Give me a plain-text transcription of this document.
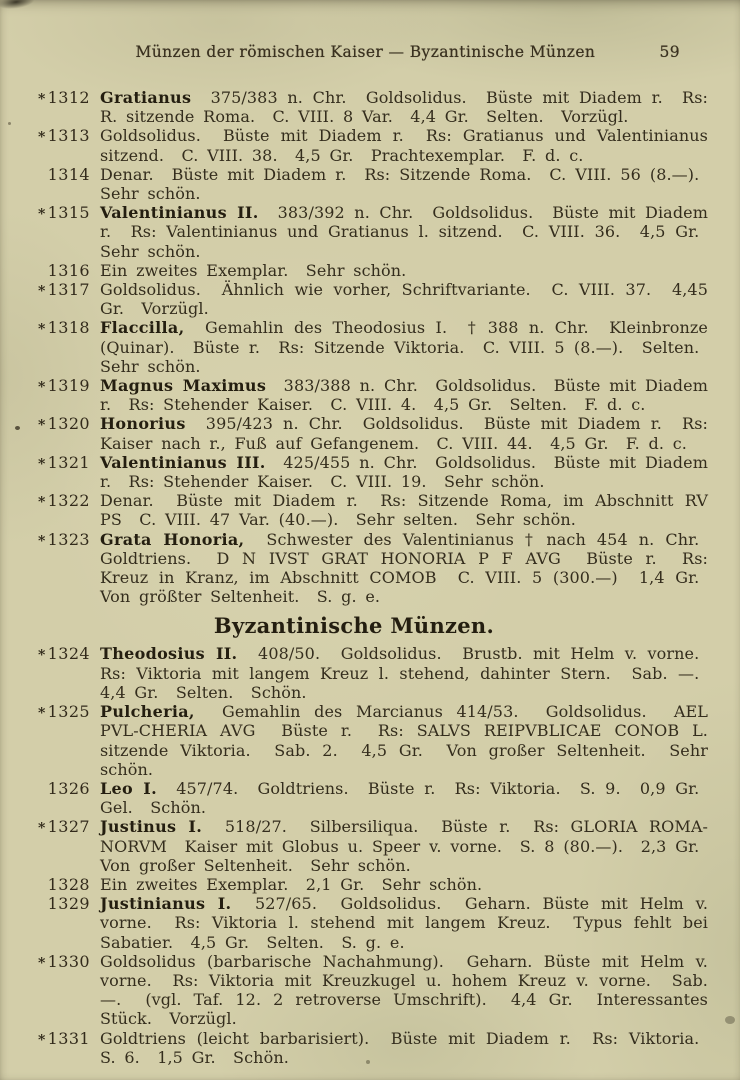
Münzen der römischen Kaiser — Byzantinische Münzen	59
* 1312 Gratianus  375/383 n. Chr.  Goldsolidus.  Büste mit Diadem r.  Rs: R. sitzende Roma.  C. VIII. 8 Var.  4,4 Gr.  Selten.  Vorzügl.
* 1313 Goldsolidus.  Büste mit Diadem r.  Rs: Gratianus und Valentinianus sitzend.  C. VIII. 38.  4,5 Gr.  Prachtexemplar.  F. d. c.
1314 Denar.  Büste mit Diadem r.  Rs: Sitzende Roma.  C. VIII. 56 (8.—).  Sehr schön.
* 1315 Valentinianus II.  383/392 n. Chr.  Goldsolidus.  Büste mit Diadem r.  Rs: Valentinianus und Gratianus l. sitzend.  C. VIII. 36.  4,5 Gr.  Sehr schön.
1316 Ein zweites Exemplar.  Sehr schön.
* 1317 Goldsolidus.  Ähnlich wie vorher, Schriftvariante.  C. VIII. 37.  4,45 Gr.  Vorzügl.
* 1318 Flaccilla,  Gemahlin des Theodosius I.  † 388 n. Chr.  Kleinbronze (Quinar).  Büste r.  Rs: Sitzende Viktoria.  C. VIII. 5 (8.—).  Selten.  Sehr schön.
* 1319 Magnus Maximus  383/388 n. Chr.  Goldsolidus.  Büste mit Diadem r.  Rs: Stehender Kaiser.  C. VIII. 4.  4,5 Gr.  Selten.  F. d. c.
* 1320 Honorius  395/423 n. Chr.  Goldsolidus.  Büste mit Diadem r.  Rs: Kaiser nach r., Fuß auf Gefangenem.  C. VIII. 44.  4,5 Gr.  F. d. c.
* 1321 Valentinianus III.  425/455 n. Chr.  Goldsolidus.  Büste mit Diadem r.  Rs: Stehender Kaiser.  C. VIII. 19.  Sehr schön.
* 1322 Denar.  Büste mit Diadem r.  Rs: Sitzende Roma, im Abschnitt RV PS  C. VIII. 47 Var. (40.—).  Sehr selten.  Sehr schön.
* 1323 Grata Honoria,  Schwester des Valentinianus † nach 454 n. Chr.  Goldtriens.  D N IVST GRAT HONORIA P F AVG  Büste r.  Rs: Kreuz in Kranz, im Abschnitt COMOB  C. VIII. 5 (300.—)  1,4 Gr.  Von größter Seltenheit.  S. g. e.
Byzantinische Münzen.
* 1324 Theodosius II.  408/50.  Goldsolidus.  Brustb. mit Helm v. vorne.  Rs: Viktoria mit langem Kreuz l. stehend, dahinter Stern.  Sab. —.  4,4 Gr.  Selten.  Schön.
* 1325 Pulcheria,  Gemahlin des Marcianus 414/53.  Goldsolidus.  AEL PVL-CHERIA AVG  Büste r.  Rs: SALVS REIPVBLICAE CONOB L. sitzende Viktoria.  Sab. 2.  4,5 Gr.  Von großer Seltenheit.  Sehr schön.
1326 Leo I.  457/74.  Goldtriens.  Büste r.  Rs: Viktoria.  S. 9.  0,9 Gr.  Gel.  Schön.
* 1327 Justinus I.  518/27.  Silbersiliqua.  Büste r.  Rs: GLORIA ROMA-NORVM  Kaiser mit Globus u. Speer v. vorne.  S. 8 (80.—).  2,3 Gr.  Von großer Seltenheit.  Sehr schön.
1328 Ein zweites Exemplar.  2,1 Gr.  Sehr schön.
1329 Justinianus I.  527/65.  Goldsolidus.  Geharn. Büste mit Helm v. vorne.  Rs: Viktoria l. stehend mit langem Kreuz.  Typus fehlt bei Sabatier.  4,5 Gr.  Selten.  S. g. e.
* 1330 Goldsolidus (barbarische Nachahmung).  Geharn. Büste mit Helm v. vorne.  Rs: Viktoria mit Kreuzkugel u. hohem Kreuz v. vorne.  Sab. —.  (vgl. Taf. 12. 2 retroverse Umschrift).  4,4 Gr.  Interessantes Stück.  Vorzügl.
* 1331 Goldtriens (leicht barbarisiert).  Büste mit Diadem r.  Rs: Viktoria.  S. 6.  1,5 Gr.  Schön.
